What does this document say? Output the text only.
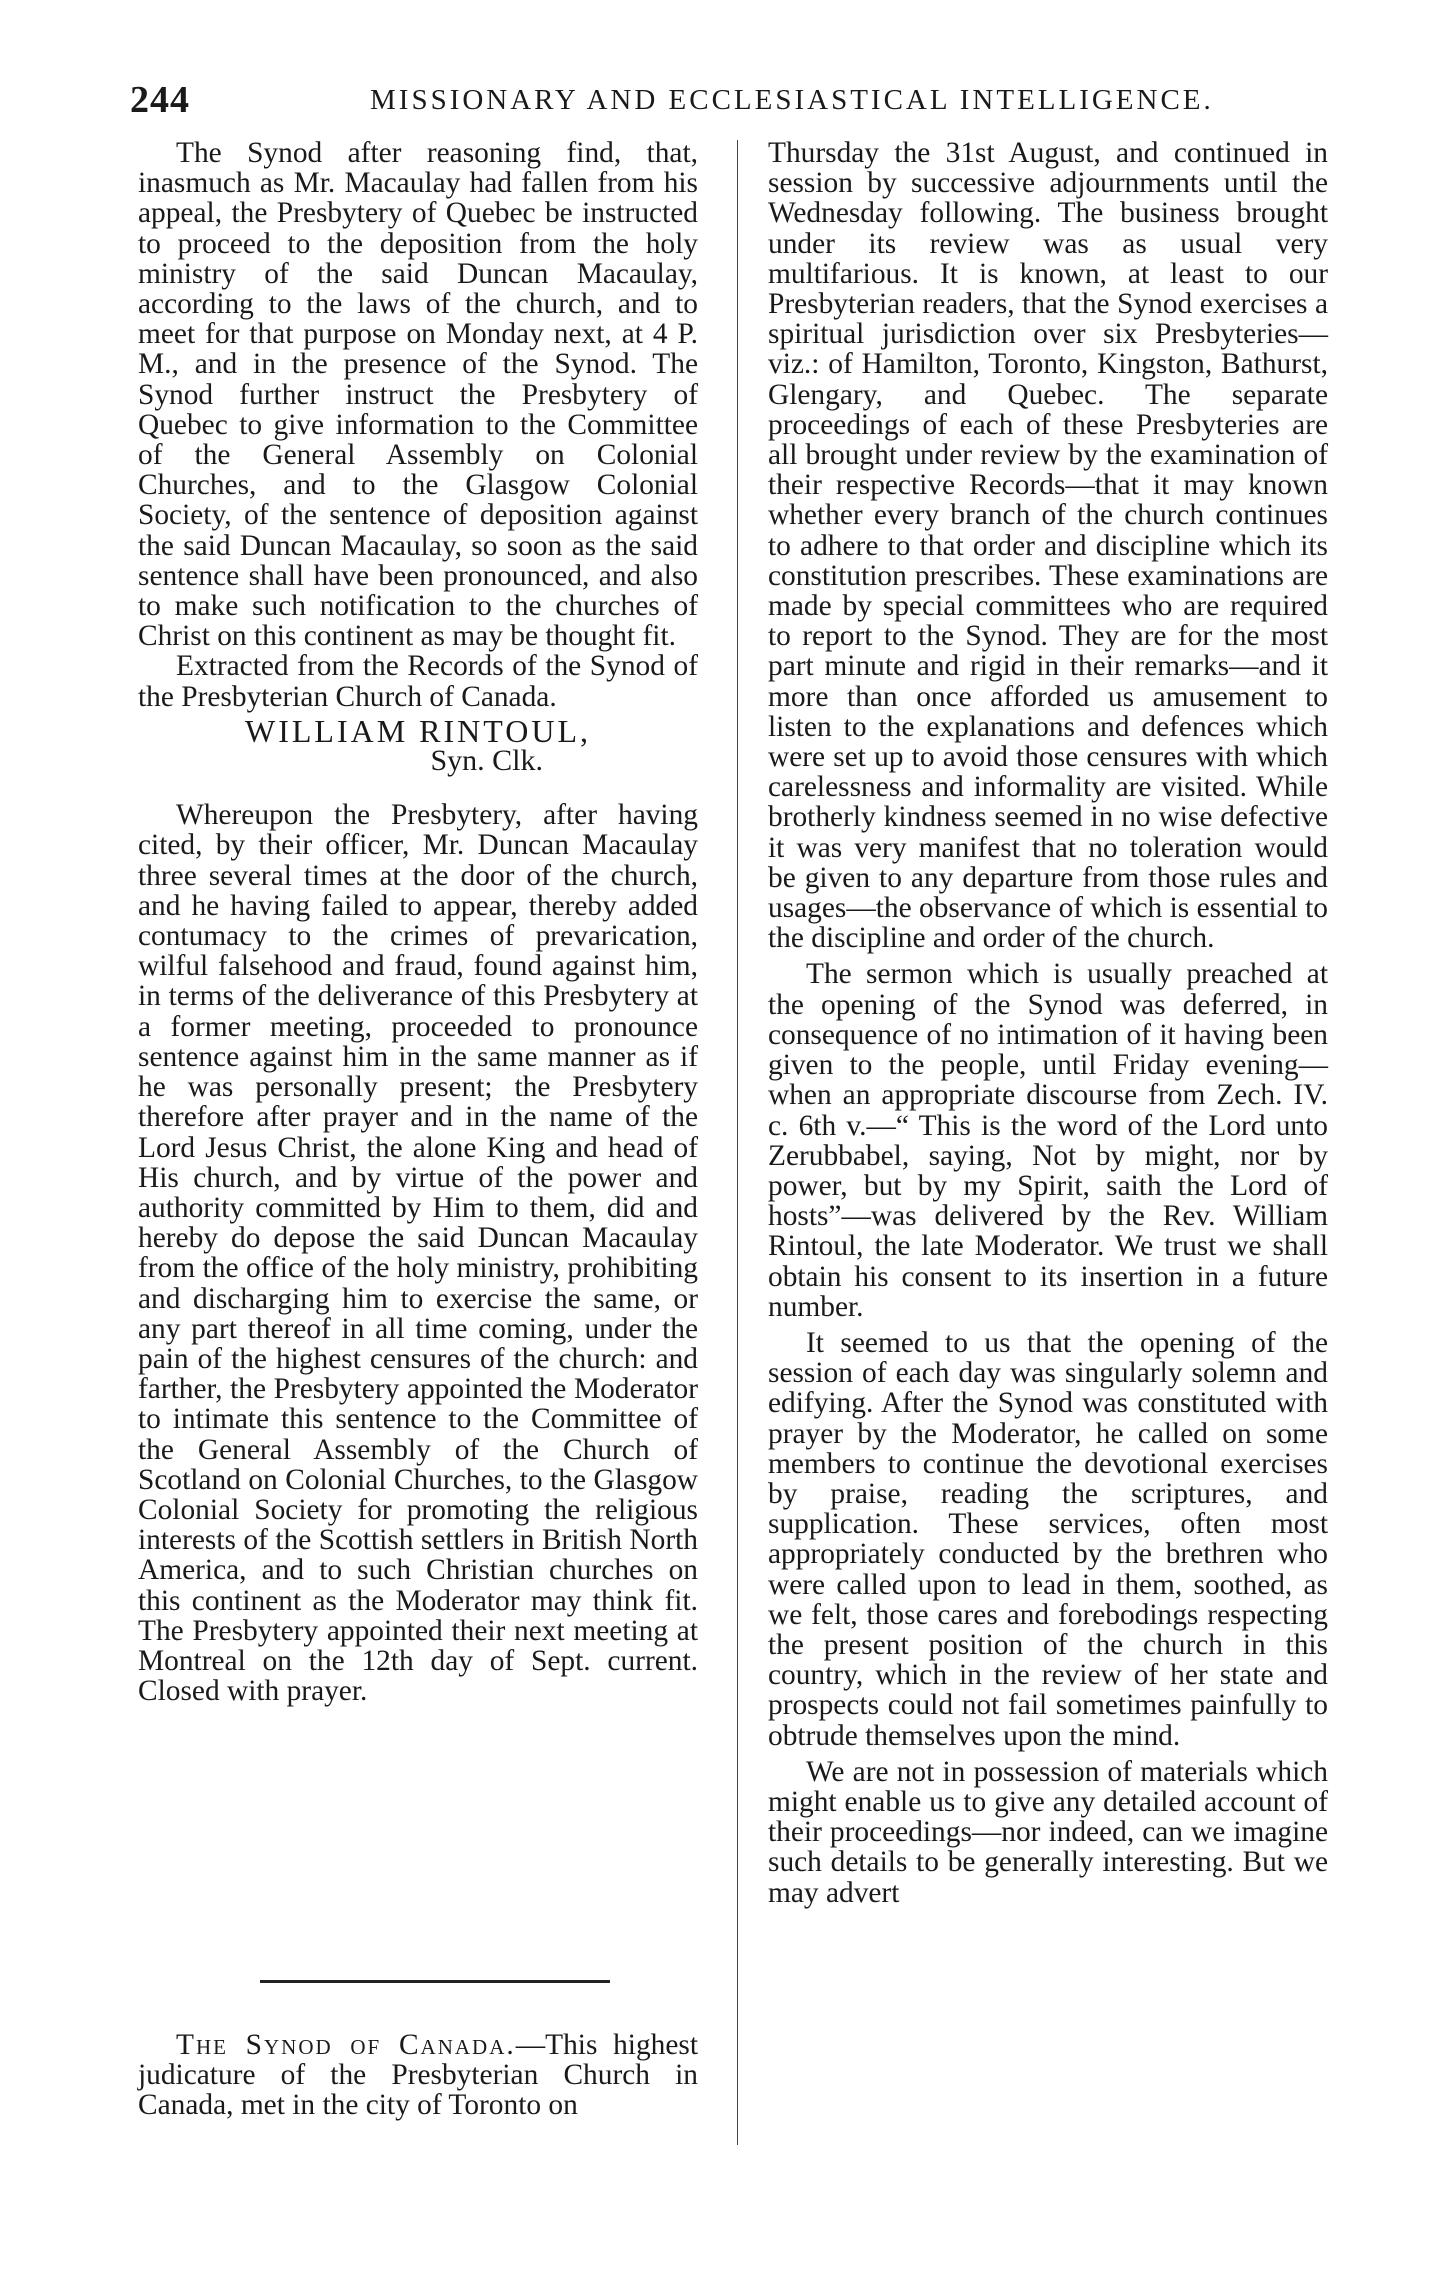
244	MISSIONARY AND ECCLESIASTICAL INTELLIGENCE.

The Synod after reasoning find, that, inasmuch as Mr. Macaulay had fallen from his appeal, the Presbytery of Quebec be instructed to proceed to the deposition from the holy ministry of the said Duncan Macaulay, according to the laws of the church, and to meet for that purpose on Monday next, at 4 P. M., and in the presence of the Synod. The Synod further instruct the Presbytery of Quebec to give information to the Committee of the General Assembly on Colonial Churches, and to the Glasgow Colonial Society, of the sentence of deposition against the said Duncan Macaulay, so soon as the said sentence shall have been pronounced, and also to make such notification to the churches of Christ on this continent as may be thought fit.

Extracted from the Records of the Synod of the Presbyterian Church of Canada.

WILLIAM RINTOUL,

Syn. Clk.

Whereupon the Presbytery, after having cited, by their officer, Mr. Duncan Macaulay three several times at the door of the church, and he having failed to appear, thereby added contumacy to the crimes of prevarication, wilful falsehood and fraud, found against him, in terms of the deliverance of this Presbytery at a former meeting, proceeded to pronounce sentence against him in the same manner as if he was personally present; the Presbytery therefore after prayer and in the name of the Lord Jesus Christ, the alone King and head of His church, and by virtue of the power and authority committed by Him to them, did and hereby do depose the said Duncan Macaulay from the office of the holy ministry, prohibiting and discharging him to exercise the same, or any part thereof in all time coming, under the pain of the highest censures of the church: and farther, the Presbytery appointed the Moderator to intimate this sentence to the Committee of the General Assembly of the Church of Scotland on Colonial Churches, to the Glasgow Colonial Society for promoting the religious interests of the Scottish settlers in British North America, and to such Christian churches on this continent as the Moderator may think fit. The Presbytery appointed their next meeting at Montreal on the 12th day of Sept. current. Closed with prayer.

The Synod of Canada.—This highest judicature of the Presbyterian Church in Canada, met in the city of Toronto on

Thursday the 31st August, and continued in session by successive adjournments until the Wednesday following. The business brought under its review was as usual very multifarious. It is known, at least to our Presbyterian readers, that the Synod exercises a spiritual jurisdiction over six Presbyteries—viz.: of Hamilton, Toronto, Kingston, Bathurst, Glengary, and Quebec. The separate proceedings of each of these Presbyteries are all brought under review by the examination of their respective Records—that it may known whether every branch of the church continues to adhere to that order and discipline which its constitution prescribes. These examinations are made by special committees who are required to report to the Synod. They are for the most part minute and rigid in their remarks—and it more than once afforded us amusement to listen to the explanations and defences which were set up to avoid those censures with which carelessness and informality are visited. While brotherly kindness seemed in no wise defective it was very manifest that no toleration would be given to any departure from those rules and usages—the observance of which is essential to the discipline and order of the church.

The sermon which is usually preached at the opening of the Synod was deferred, in consequence of no intimation of it having been given to the people, until Friday evening—when an appropriate discourse from Zech. IV. c. 6th v.—“ This is the word of the Lord unto Zerubbabel, saying, Not by might, nor by power, but by my Spirit, saith the Lord of hosts”—was delivered by the Rev. William Rintoul, the late Moderator. We trust we shall obtain his consent to its insertion in a future number.

It seemed to us that the opening of the session of each day was singularly solemn and edifying. After the Synod was constituted with prayer by the Moderator, he called on some members to continue the devotional exercises by praise, reading the scriptures, and supplication. These services, often most appropriately conducted by the brethren who were called upon to lead in them, soothed, as we felt, those cares and forebodings respecting the present position of the church in this country, which in the review of her state and prospects could not fail sometimes painfully to obtrude themselves upon the mind.

We are not in possession of materials which might enable us to give any detailed account of their proceedings—nor indeed, can we imagine such details to be generally interesting. But we may advert
